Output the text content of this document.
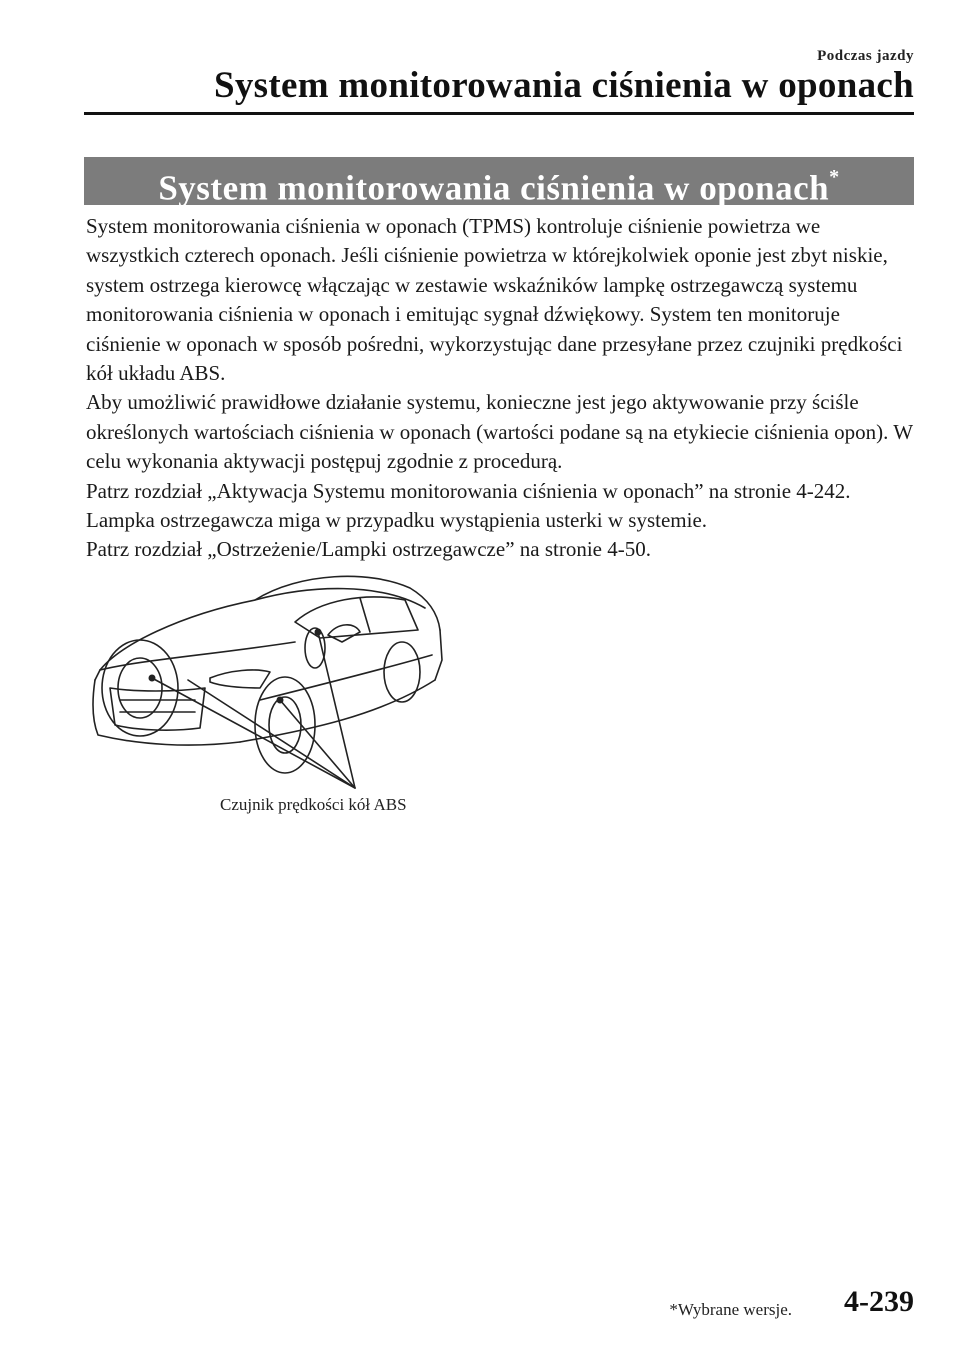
Podczas jazdy
System monitorowania ciśnienia w oponach
System monitorowania ciśnienia w oponach*

System monitorowania ciśnienia w oponach (TPMS) kontroluje ciśnienie powietrza we wszystkich czterech oponach. Jeśli ciśnienie powietrza w którejkolwiek oponie jest zbyt niskie, system ostrzega kierowcę włączając w zestawie wskaźników lampkę ostrzegawczą systemu monitorowania ciśnienia w oponach i emitując sygnał dźwiękowy. System ten monitoruje ciśnienie w oponach w sposób pośredni, wykorzystując dane przesyłane przez czujniki prędkości kół układu ABS.

Aby umożliwić prawidłowe działanie systemu, konieczne jest jego aktywowanie przy ściśle określonych wartościach ciśnienia w oponach (wartości podane są na etykiecie ciśnienia opon). W celu wykonania aktywacji postępuj zgodnie z procedurą.

Patrz rozdział „Aktywacja Systemu monitorowania ciśnienia w oponach” na stronie 4-242.

Lampka ostrzegawcza miga w przypadku wystąpienia usterki w systemie.

Patrz rozdział „Ostrzeżenie/Lampki ostrzegawcze” na stronie 4-50.

Czujnik prędkości kół ABS
*Wybrane wersje. 4-239
